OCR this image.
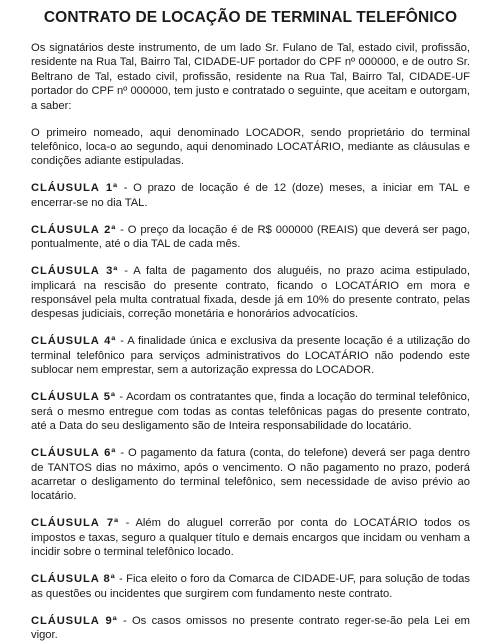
CONTRATO DE LOCAÇÃO DE TERMINAL TELEFÔNICO

Os signatários deste instrumento, de um lado Sr. Fulano de Tal, estado civil, profissão, residente na Rua Tal, Bairro Tal, CIDADE-UF portador do CPF nº 000000, e de outro Sr. Beltrano de Tal, estado civil, profissão, residente na Rua Tal, Bairro Tal, CIDADE-UF portador do CPF nº 000000, tem justo e contratado o seguinte, que aceitam e outorgam, a saber:

O primeiro nomeado, aqui denominado LOCADOR, sendo proprietário do terminal telefônico, loca-o ao segundo, aqui denominado LOCATÁRIO, mediante as cláusulas e condições adiante estipuladas.

CLÁUSULA 1ª - O prazo de locação é de 12 (doze) meses, a iniciar em TAL e encerrar-se no dia TAL.

CLÁUSULA 2ª - O preço da locação é de R$ 000000 (REAIS) que deverá ser pago, pontualmente, até o dia TAL de cada mês.

CLÁUSULA 3ª - A falta de pagamento dos aluguéis, no prazo acima estipulado, implicará na rescisão do presente contrato, ficando o LOCATÁRIO em mora e responsável pela multa contratual fixada, desde já em 10% do presente contrato, pelas despesas judiciais, correção monetária e honorários advocatícios.

CLÁUSULA 4ª - A finalidade única e exclusiva da presente locação é a utilização do terminal telefônico para serviços administrativos do LOCATÁRIO não podendo este sublocar nem emprestar, sem a autorização expressa do LOCADOR.

CLÁUSULA 5ª - Acordam os contratantes que, finda a locação do terminal telefônico, será o mesmo entregue com todas as contas telefônicas pagas do presente contrato, até a Data do seu desligamento são de Inteira responsabilidade do locatário.

CLÁUSULA 6ª - O pagamento da fatura (conta, do telefone) deverá ser paga dentro de TANTOS dias no máximo, após o vencimento. O não pagamento no prazo, poderá acarretar o desligamento do terminal telefônico, sem necessidade de aviso prévio ao locatário.

CLÁUSULA 7ª - Além do aluguel correrão por conta do LOCATÁRIO todos os impostos e taxas, seguro a qualquer título e demais encargos que incidam ou venham a incidir sobre o terminal telefônico locado.

CLÁUSULA 8ª - Fica eleito o foro da Comarca de CIDADE-UF, para solução de todas as questões ou incidentes que surgirem com fundamento neste contrato.

CLÁUSULA 9ª - Os casos omissos no presente contrato reger-se-ão pela Lei em vigor.
